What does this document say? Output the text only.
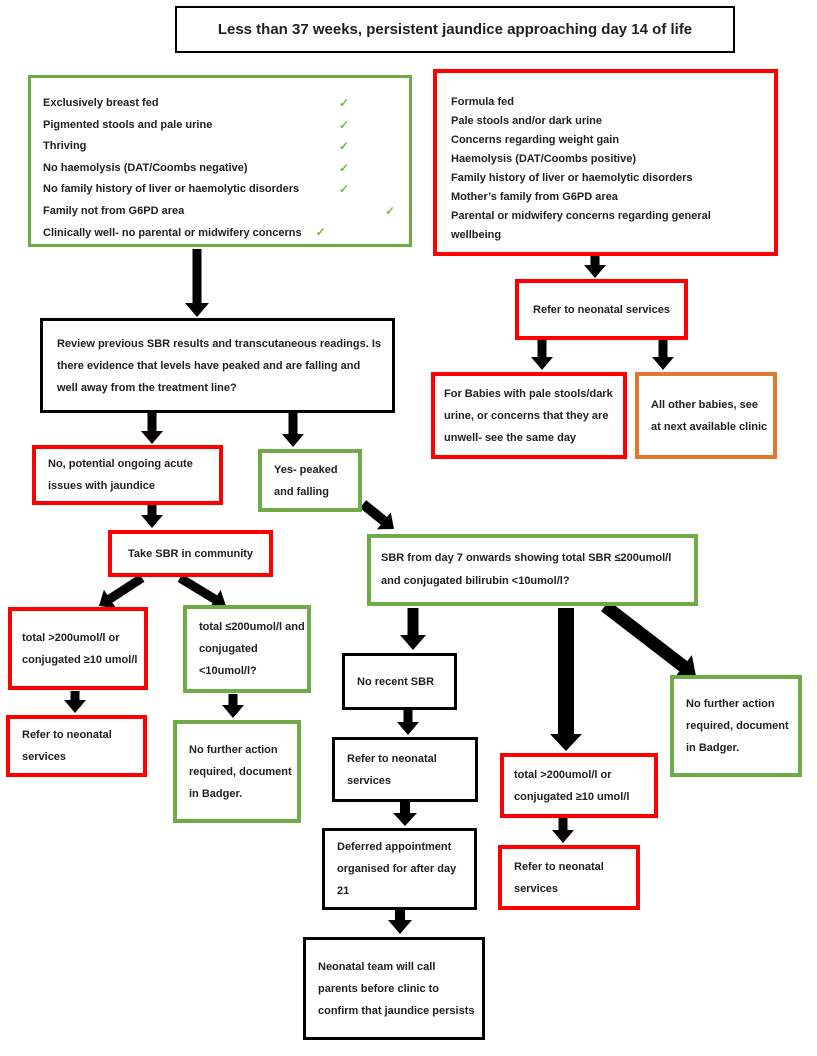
Less than 37 weeks, persistent jaundice approaching day 14 of life
Exclusively breast fed	✓
Pigmented stools and pale urine	✓
Thriving	✓
No haemolysis (DAT/Coombs negative)	✓
No family history of liver or haemolytic disorders	✓
Family not from G6PD area	✓
Clinically well- no parental or midwifery concerns ✓
Formula fed
Pale stools and/or dark urine
Concerns regarding weight gain
Haemolysis (DAT/Coombs positive)
Family history of liver or haemolytic disorders
Mother’s family from G6PD area
Parental or midwifery concerns regarding general wellbeing
Refer to neonatal services
For Babies with pale stools/dark urine, or concerns that they are unwell- see the same day
All other babies, see at next available clinic
Review previous SBR results and transcutaneous readings. Is there evidence that levels have peaked and are falling and well away from the treatment line?
No, potential ongoing acute issues with jaundice
Yes- peaked and falling
Take SBR in community	SBR from day 7 onwards showing total SBR ≤200umol/l and conjugated bilirubin <10umol/l?
total >200umol/l or conjugated ≥10 umol/l
total ≤200umol/l and conjugated <10umol/l?
Refer to neonatal services
No further action required, document in Badger.
No recent SBR
Refer to neonatal services
Deferred appointment organised for after day 21
Neonatal team will call parents before clinic to confirm that jaundice persists
total >200umol/l or conjugated ≥10 umol/l
Refer to neonatal services
No further action required, document in Badger.
